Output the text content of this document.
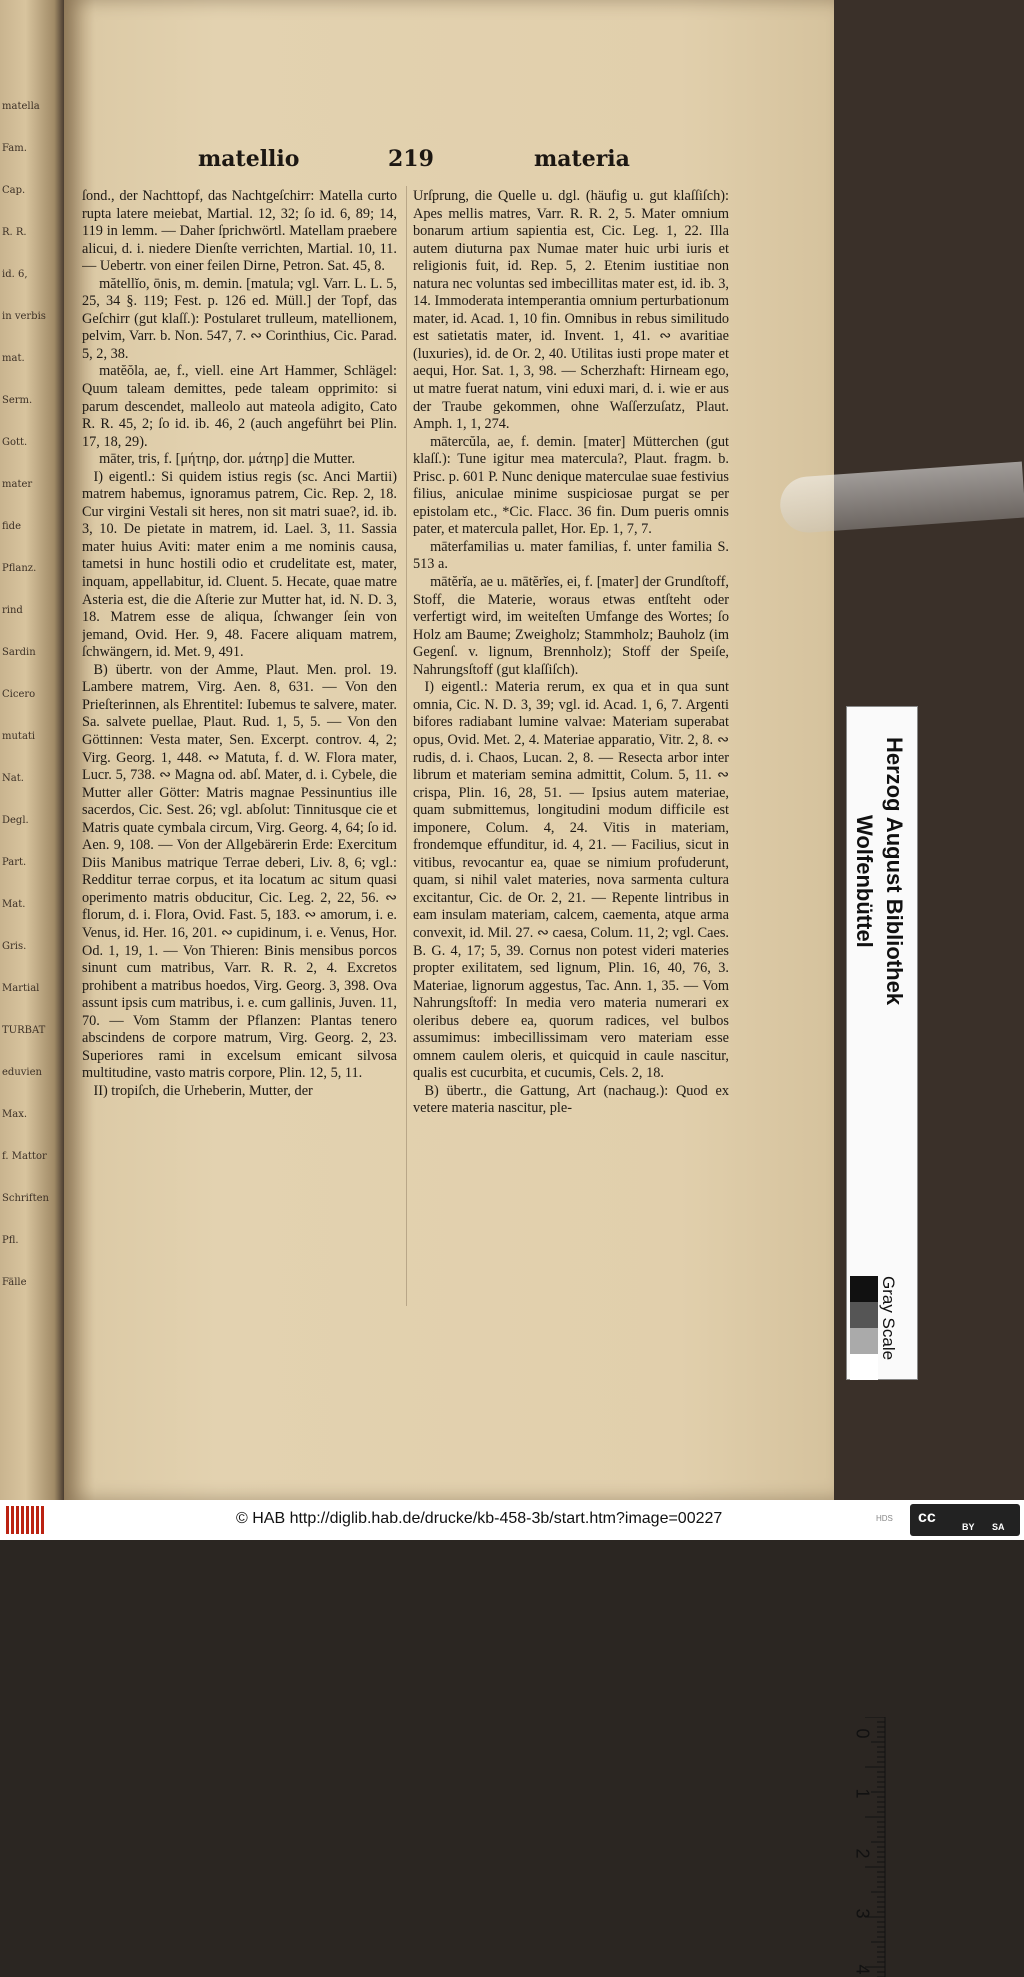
matella
Fam.
Cap.
R. R.
id. 6,
in verbis
mat.
Serm.
Gott.
mater
fide
Pflanz.
rind
Sardin
Cicero
mutati
Nat.
Degl.
Part.
Mat.
Gris.
Martial
TURBAT
eduvien
Max.
f. Mattor
Schriften
Pfl.
Fälle
matellio	219	materia

ſond., der Nachttopf, das Nachtgeſchirr: Matella curto rupta latere meiebat, Martial. 12, 32; ſo id. 6, 89; 14, 119 in lemm. — Daher ſprichwörtl. Matellam praebere alicui, d. i. niedere Dienſte verrichten, Martial. 10, 11. — Uebertr. von einer feilen Dirne, Petron. Sat. 45, 8.

mătellĭo, ōnis, m. demin. [matula; vgl. Varr. L. L. 5, 25, 34 §. 119; Fest. p. 126 ed. Müll.] der Topf, das Geſchirr (gut klaſſ.): Postularet trulleum, matellionem, pelvim, Varr. b. Non. 547, 7. ∾ Corinthius, Cic. Parad. 5, 2, 38.

matĕŏla, ae, f., viell. eine Art Hammer, Schlägel: Quum taleam demittes, pede taleam opprimito: si parum descendet, malleolo aut mateola adigito, Cato R. R. 45, 2; ſo id. ib. 46, 2 (auch angeführt bei Plin. 17, 18, 29).

māter, tris, f. [μήτηρ, dor. μάτηρ] die Mutter.

I) eigentl.: Si quidem istius regis (sc. Anci Martii) matrem habemus, ignoramus patrem, Cic. Rep. 2, 18. Cur virgini Vestali sit heres, non sit matri suae?, id. ib. 3, 10. De pietate in matrem, id. Lael. 3, 11. Sassia mater huius Aviti: mater enim a me nominis causa, tametsi in hunc hostili odio et crudelitate est, mater, inquam, appellabitur, id. Cluent. 5. Hecate, quae matre Asteria est, die die Aſterie zur Mutter hat, id. N. D. 3, 18. Matrem esse de aliqua, ſchwanger ſein von jemand, Ovid. Her. 9, 48. Facere aliquam matrem, ſchwängern, id. Met. 9, 491.

B) übertr. von der Amme, Plaut. Men. prol. 19. Lambere matrem, Virg. Aen. 8, 631. — Von den Prieſterinnen, als Ehrentitel: Iubemus te salvere, mater. Sa. salvete puellae, Plaut. Rud. 1, 5, 5. — Von den Göttinnen: Vesta mater, Sen. Excerpt. controv. 4, 2; Virg. Georg. 1, 448. ∾ Matuta, f. d. W. Flora mater, Lucr. 5, 738. ∾ Magna od. abſ. Mater, d. i. Cybele, die Mutter aller Götter: Matris magnae Pessinuntius ille sacerdos, Cic. Sest. 26; vgl. abſolut: Tinnitusque cie et Matris quate cymbala circum, Virg. Georg. 4, 64; ſo id. Aen. 9, 108. — Von der Allgebärerin Erde: Exercitum Diis Manibus matrique Terrae deberi, Liv. 8, 6; vgl.: Redditur terrae corpus, et ita locatum ac situm quasi operimento matris obducitur, Cic. Leg. 2, 22, 56. ∾ florum, d. i. Flora, Ovid. Fast. 5, 183. ∾ amorum, i. e. Venus, id. Her. 16, 201. ∾ cupidinum, i. e. Venus, Hor. Od. 1, 19, 1. — Von Thieren: Binis mensibus porcos sinunt cum matribus, Varr. R. R. 2, 4. Excretos prohibent a matribus hoedos, Virg. Georg. 3, 398. Ova assunt ipsis cum matribus, i. e. cum gallinis, Juven. 11, 70. — Vom Stamm der Pflanzen: Plantas tenero abscindens de corpore matrum, Virg. Georg. 2, 23. Superiores rami in excelsum emicant silvosa multitudine, vasto matris corpore, Plin. 12, 5, 11.

II) tropiſch, die Urheberin, Mutter, der

Urſprung, die Quelle u. dgl. (häufig u. gut klaſſiſch): Apes mellis matres, Varr. R. R. 2, 5. Mater omnium bonarum artium sapientia est, Cic. Leg. 1, 22. Illa autem diuturna pax Numae mater huic urbi iuris et religionis fuit, id. Rep. 5, 2. Etenim iustitiae non natura nec voluntas sed imbecillitas mater est, id. ib. 3, 14. Immoderata intemperantia omnium perturbationum mater, id. Acad. 1, 10 fin. Omnibus in rebus similitudo est satietatis mater, id. Invent. 1, 41. ∾ avaritiae (luxuries), id. de Or. 2, 40. Utilitas iusti prope mater et aequi, Hor. Sat. 1, 3, 98. — Scherzhaft: Hirneam ego, ut matre fuerat natum, vini eduxi mari, d. i. wie er aus der Traube gekommen, ohne Waſſerzuſatz, Plaut. Amph. 1, 1, 274.

mātercŭla, ae, f. demin. [mater] Mütterchen (gut klaſſ.): Tune igitur mea matercula?, Plaut. fragm. b. Prisc. p. 601 P. Nunc denique materculae suae festivius filius, aniculae minime suspiciosae purgat se per epistolam etc., *Cic. Flacc. 36 fin. Dum pueris omnis pater, et matercula pallet, Hor. Ep. 1, 7, 7.

māterfamilias u. mater familias, f. unter familia S. 513 a.

mātĕrĭa, ae u. mātĕrĭes, ei, f. [mater] der Grundſtoff, Stoff, die Materie, woraus etwas entſteht oder verfertigt wird, im weiteſten Umfange des Wortes; ſo Holz am Baume; Zweigholz; Stammholz; Bauholz (im Gegenſ. v. lignum, Brennholz); Stoff der Speiſe, Nahrungsſtoff (gut klaſſiſch).

I) eigentl.: Materia rerum, ex qua et in qua sunt omnia, Cic. N. D. 3, 39; vgl. id. Acad. 1, 6, 7. Argenti bifores radiabant lumine valvae: Materiam superabat opus, Ovid. Met. 2, 4. Materiae apparatio, Vitr. 2, 8. ∾ rudis, d. i. Chaos, Lucan. 2, 8. — Resecta arbor inter librum et materiam semina admittit, Colum. 5, 11. ∾ crispa, Plin. 16, 28, 51. — Ipsius autem materiae, quam submittemus, longitudini modum difficile est imponere, Colum. 4, 24. Vitis in materiam, frondemque effunditur, id. 4, 21. — Facilius, sicut in vitibus, revocantur ea, quae se nimium profuderunt, quam, si nihil valet materies, nova sarmenta cultura excitantur, Cic. de Or. 2, 21. — Repente lintribus in eam insulam materiam, calcem, caementa, atque arma convexit, id. Mil. 27. ∾ caesa, Colum. 11, 2; vgl. Caes. B. G. 4, 17; 5, 39. Cornus non potest videri materies propter exilitatem, sed lignum, Plin. 16, 40, 76, 3. Materiae, lignorum aggestus, Tac. Ann. 1, 35. — Vom Nahrungsſtoff: In media vero materia numerari ex oleribus debere ea, quorum radices, vel bulbos assumimus: imbecillissimam vero materiam esse omnem caulem oleris, et quicquid in caule nascitur, qualis est cucurbita, et cucumis, Cels. 2, 18.

B) übertr., die Gattung, Art (nachaug.): Quod ex vetere materia nascitur, ple-

Herzog August Bibliothek
Wolfenbüttel
0
1
2
3
4
Gray Scale
© HAB http://diglib.hab.de/drucke/kb-458-3b/start.htm?image=00227	HDS cc
BY SA
